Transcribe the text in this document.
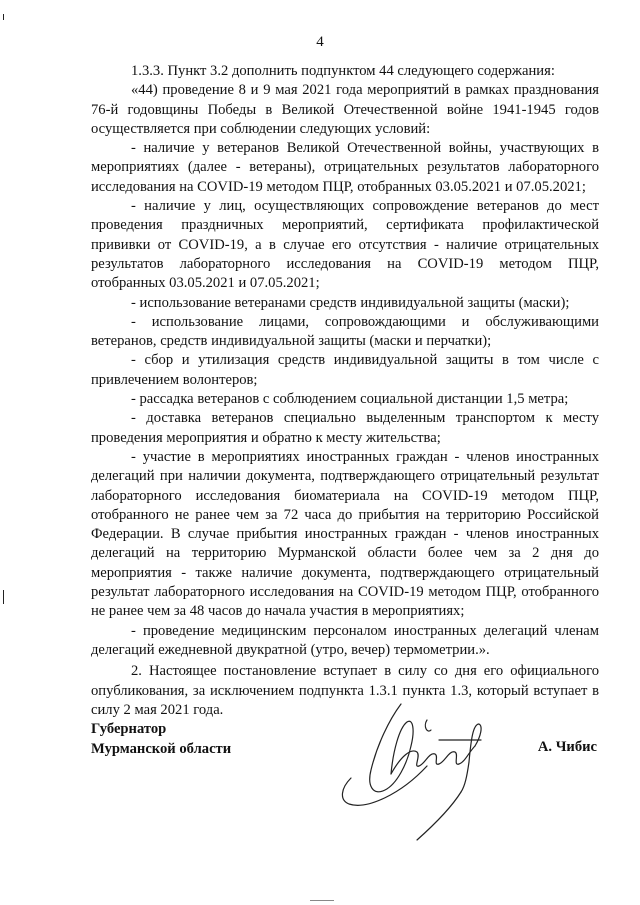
4

1.3.3. Пункт 3.2 дополнить подпунктом 44 следующего содержания:

«44) проведение 8 и 9 мая 2021 года мероприятий в рамках празднования 76-й годовщины Победы в Великой Отечественной войне 1941-1945 годов осуществляется при соблюдении следующих условий:

- наличие у ветеранов Великой Отечественной войны, участвующих в мероприятиях (далее - ветераны), отрицательных результатов лабораторного исследования на COVID-19 методом ПЦР, отобранных 03.05.2021 и 07.05.2021;

- наличие у лиц, осуществляющих сопровождение ветеранов до мест проведения праздничных мероприятий, сертификата профилактической прививки от COVID-19, а в случае его отсутствия - наличие отрицательных результатов лабораторного исследования на COVID-19 методом ПЦР, отобранных 03.05.2021 и 07.05.2021;

- использование ветеранами средств индивидуальной защиты (маски);

- использование лицами, сопровождающими и обслуживающими ветеранов, средств индивидуальной защиты (маски и перчатки);

- сбор и утилизация средств индивидуальной защиты в том числе с привлечением волонтеров;

- рассадка ветеранов с соблюдением социальной дистанции 1,5 метра;

- доставка ветеранов специально выделенным транспортом к месту проведения мероприятия и обратно к месту жительства;

- участие в мероприятиях иностранных граждан - членов иностранных делегаций при наличии документа, подтверждающего отрицательный результат лабораторного исследования биоматериала на COVID-19 методом ПЦР, отобранного не ранее чем за 72 часа до прибытия на территорию Российской Федерации. В случае прибытия иностранных граждан - членов иностранных делегаций на территорию Мурманской области более чем за 2 дня до мероприятия - также наличие документа, подтверждающего отрицательный результат лабораторного исследования на COVID-19 методом ПЦР, отобранного не ранее чем за 48 часов до начала участия в мероприятиях;

- проведение медицинским персоналом иностранных делегаций членам делегаций ежедневной двукратной (утро, вечер) термометрии.».

2. Настоящее постановление вступает в силу со дня его официального опубликования, за исключением подпункта 1.3.1 пункта 1.3, который вступает в силу 2 мая 2021 года.

Губернатор
Мурманской области	А. Чибис
